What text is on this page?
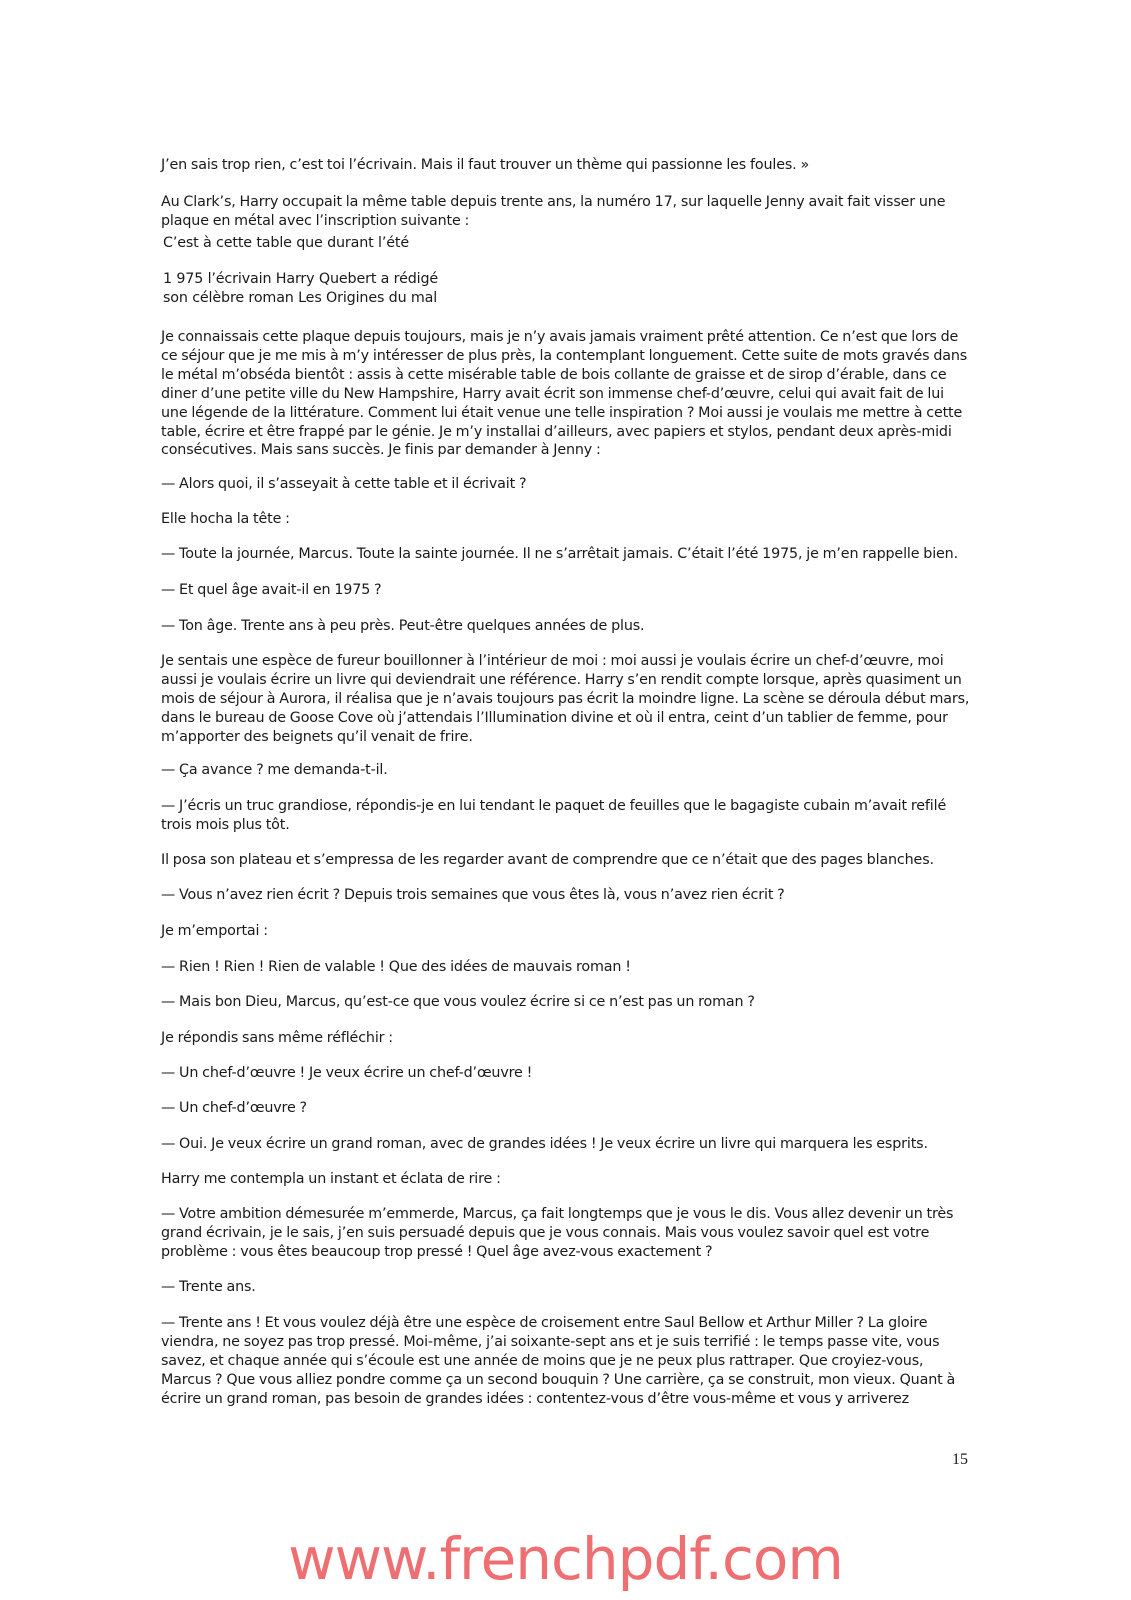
J’en sais trop rien, c’est toi l’écrivain. Mais il faut trouver un thème qui passionne les foules. »
Au Clark’s, Harry occupait la même table depuis trente ans, la numéro 17, sur laquelle Jenny avait fait visser une plaque en métal avec l’inscription suivante :

C’est à cette table que durant l’été

1 975 l’écrivain Harry Quebert a rédigé

son célèbre roman Les Origines du mal

Je connaissais cette plaque depuis toujours, mais je n’y avais jamais vraiment prêté attention. Ce n’est que lors de ce séjour que je me mis à m’y intéresser de plus près, la contemplant longuement. Cette suite de mots gravés dans le métal m’obséda bientôt : assis à cette misérable table de bois collante de graisse et de sirop d’érable, dans ce diner d’une petite ville du New Hampshire, Harry avait écrit son immense chef-d’œuvre, celui qui avait fait de lui une légende de la littérature. Comment lui était venue une telle inspiration ? Moi aussi je voulais me mettre à cette table, écrire et être frappé par le génie. Je m’y installai d’ailleurs, avec papiers et stylos, pendant deux après-midi consécutives. Mais sans succès. Je finis par demander à Jenny :
— Alors quoi, il s’asseyait à cette table et il écrivait ?
Elle hocha la tête :
— Toute la journée, Marcus. Toute la sainte journée. Il ne s’arrêtait jamais. C’était l’été 1975, je m’en rappelle bien.
— Et quel âge avait-il en 1975 ?
— Ton âge. Trente ans à peu près. Peut-être quelques années de plus.
Je sentais une espèce de fureur bouillonner à l’intérieur de moi : moi aussi je voulais écrire un chef-d’œuvre, moi aussi je voulais écrire un livre qui deviendrait une référence. Harry s’en rendit compte lorsque, après quasiment un mois de séjour à Aurora, il réalisa que je n’avais toujours pas écrit la moindre ligne. La scène se déroula début mars, dans le bureau de Goose Cove où j’attendais l’Illumination divine et où il entra, ceint d’un tablier de femme, pour m’apporter des beignets qu’il venait de frire.
— Ça avance ? me demanda-t-il.
— J’écris un truc grandiose, répondis-je en lui tendant le paquet de feuilles que le bagagiste cubain m’avait refilé trois mois plus tôt.
Il posa son plateau et s’empressa de les regarder avant de comprendre que ce n’était que des pages blanches.
— Vous n’avez rien écrit ? Depuis trois semaines que vous êtes là, vous n’avez rien écrit ?
Je m’emportai :
— Rien ! Rien ! Rien de valable ! Que des idées de mauvais roman !
— Mais bon Dieu, Marcus, qu’est-ce que vous voulez écrire si ce n’est pas un roman ?
Je répondis sans même réfléchir :
— Un chef-d’œuvre ! Je veux écrire un chef-d’œuvre !
— Un chef-d’œuvre ?
— Oui. Je veux écrire un grand roman, avec de grandes idées ! Je veux écrire un livre qui marquera les esprits.
Harry me contempla un instant et éclata de rire :
— Votre ambition démesurée m’emmerde, Marcus, ça fait longtemps que je vous le dis. Vous allez devenir un très grand écrivain, je le sais, j’en suis persuadé depuis que je vous connais. Mais vous voulez savoir quel est votre problème : vous êtes beaucoup trop pressé ! Quel âge avez-vous exactement ?
— Trente ans.
— Trente ans ! Et vous voulez déjà être une espèce de croisement entre Saul Bellow et Arthur Miller ? La gloire viendra, ne soyez pas trop pressé. Moi-même, j’ai soixante-sept ans et je suis terrifié : le temps passe vite, vous savez, et chaque année qui s’écoule est une année de moins que je ne peux plus rattraper. Que croyiez-vous, Marcus ? Que vous alliez pondre comme ça un second bouquin ? Une carrière, ça se construit, mon vieux. Quant à écrire un grand roman, pas besoin de grandes idées : contentez-vous d’être vous-même et vous y arriverez
15
www.frenchpdf.com
